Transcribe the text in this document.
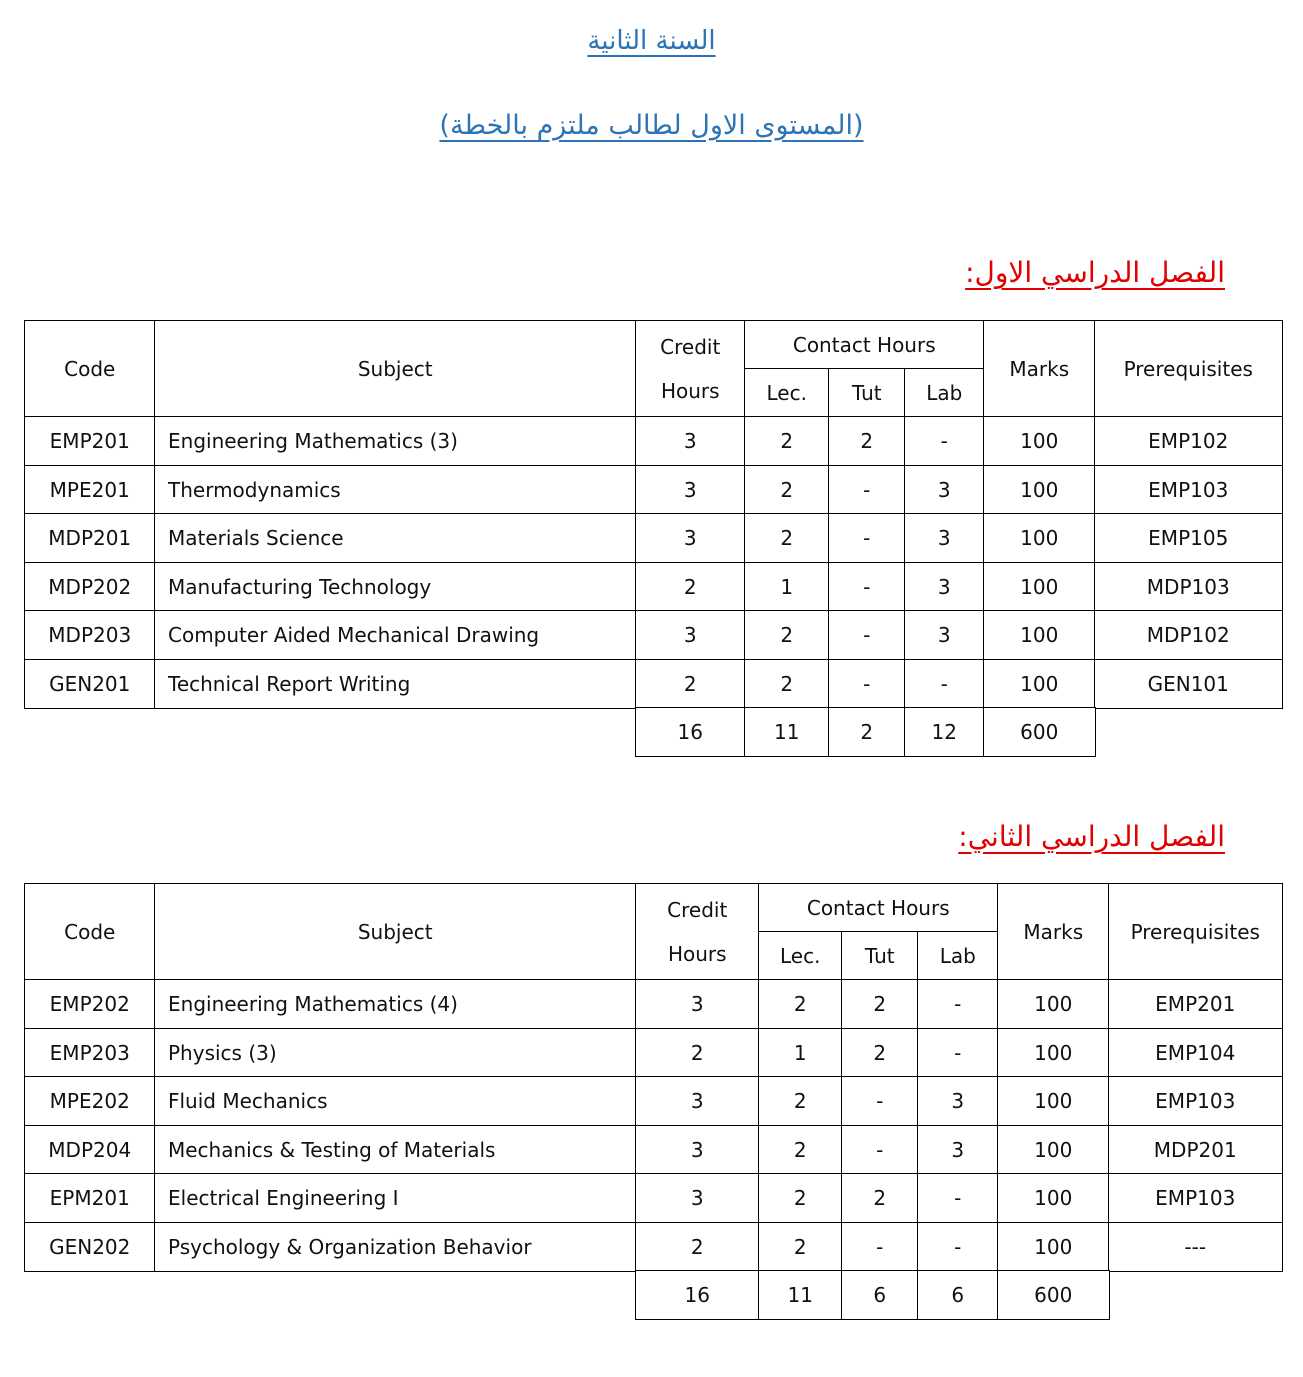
السنة الثانية
(المستوى الاول لطالب ملتزم بالخطة)
الفصل الدراسي الاول:
الفصل الدراسي الثاني:
Code	Subject
Credit
Hours
Contact Hours
Lec.	Tut	Lab
Marks	Prerequisites
EMP201	Engineering Mathematics (3)	3	2	2	-	100	EMP102
MPE201	Thermodynamics	3	2	-	3	100	EMP103
MDP201	Materials Science	3	2	-	3	100	EMP105
MDP202	Manufacturing Technology	2	1	-	3	100	MDP103
MDP203	Computer Aided Mechanical Drawing	3	2	-	3	100	MDP102
GEN201	Technical Report Writing	2	2	-	-	100	GEN101
16	11	2	12	600
Code	Subject
Credit
Hours
Contact Hours
Lec.	Tut	Lab
Marks	Prerequisites
EMP202	Engineering Mathematics (4)	3	2	2	-	100	EMP201
EMP203	Physics (3)	2	1	2	-	100	EMP104
MPE202	Fluid Mechanics	3	2	-	3	100	EMP103
MDP204	Mechanics & Testing of Materials	3	2	-	3	100	MDP201
EPM201	Electrical Engineering I	3	2	2	-	100	EMP103
GEN202	Psychology & Organization Behavior	2	2	-	-	100	---
16	11	6	6	600
